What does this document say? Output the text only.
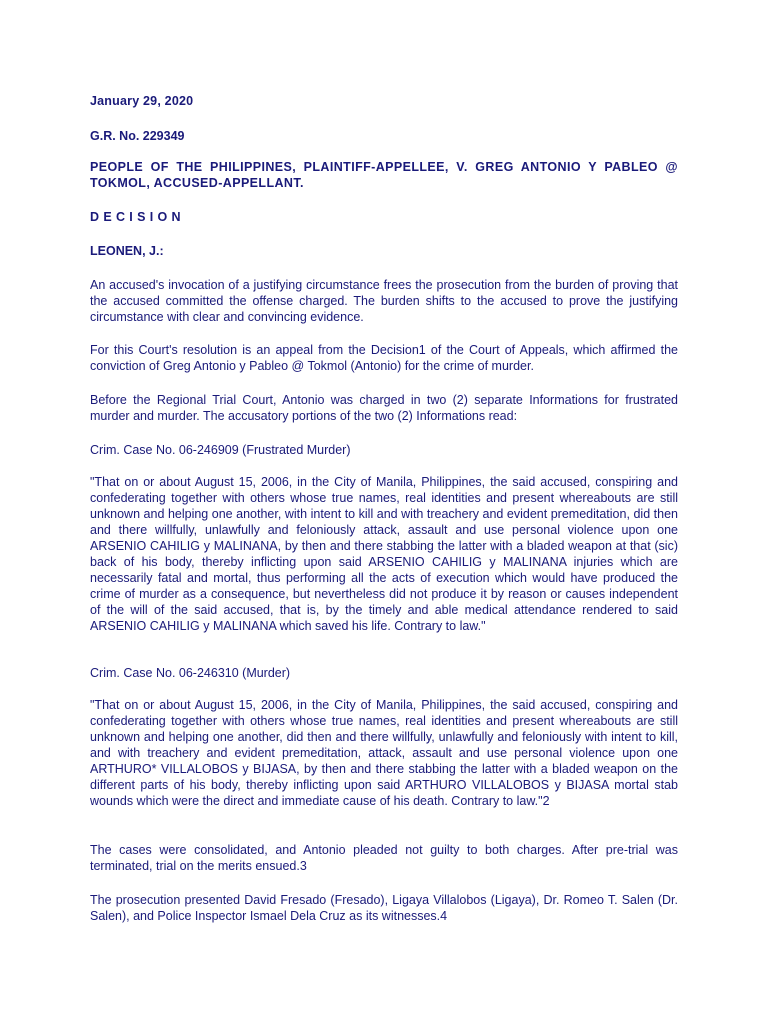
January 29, 2020
G.R. No. 229349
PEOPLE OF THE PHILIPPINES, PLAINTIFF-APPELLEE, V. GREG ANTONIO Y PABLEO @ TOKMOL, ACCUSED-APPELLANT.
DECISION
LEONEN, J.:

An accused's invocation of a justifying circumstance frees the prosecution from the burden of proving that the accused committed the offense charged. The burden shifts to the accused to prove the justifying circumstance with clear and convincing evidence.

For this Court's resolution is an appeal from the Decision1 of the Court of Appeals, which affirmed the conviction of Greg Antonio y Pableo @ Tokmol (Antonio) for the crime of murder.

Before the Regional Trial Court, Antonio was charged in two (2) separate Informations for frustrated murder and murder. The accusatory portions of the two (2) Informations read:

Crim. Case No. 06-246909 (Frustrated Murder)

"That on or about August 15, 2006, in the City of Manila, Philippines, the said accused, conspiring and confederating together with others whose true names, real identities and present whereabouts are still unknown and helping one another, with intent to kill and with treachery and evident premeditation, did then and there willfully, unlawfully and feloniously attack, assault and use personal violence upon one ARSENIO CAHILIG y MALINANA, by then and there stabbing the latter with a bladed weapon at that (sic) back of his body, thereby inflicting upon said ARSENIO CAHILIG y MALINANA injuries which are necessarily fatal and mortal, thus performing all the acts of execution which would have produced the crime of murder as a consequence, but nevertheless did not produce it by reason or causes independent of the will of the said accused, that is, by the timely and able medical attendance rendered to said ARSENIO CAHILIG y MALINANA which saved his life. Contrary to law."

Crim. Case No. 06-246310 (Murder)

"That on or about August 15, 2006, in the City of Manila, Philippines, the said accused, conspiring and confederating together with others whose true names, real identities and present whereabouts are still unknown and helping one another, did then and there willfully, unlawfully and feloniously with intent to kill, and with treachery and evident premeditation, attack, assault and use personal violence upon one ARTHURO* VILLALOBOS y BIJASA, by then and there stabbing the latter with a bladed weapon on the different parts of his body, thereby inflicting upon said ARTHURO VILLALOBOS y BIJASA mortal stab wounds which were the direct and immediate cause of his death. Contrary to law."2

The cases were consolidated, and Antonio pleaded not guilty to both charges. After pre-trial was terminated, trial on the merits ensued.3

The prosecution presented David Fresado (Fresado), Ligaya Villalobos (Ligaya), Dr. Romeo T. Salen (Dr. Salen), and Police Inspector Ismael Dela Cruz as its witnesses.4
